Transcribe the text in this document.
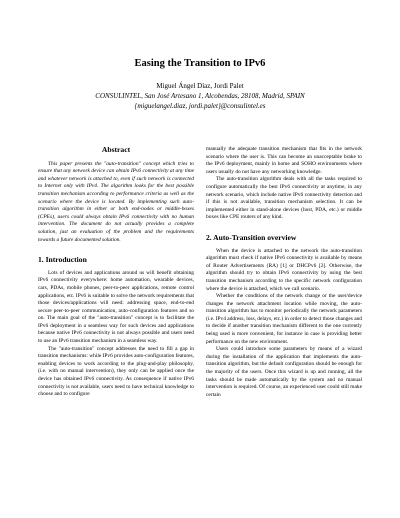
Easing the Transition to IPv6
Miguel Ángel Díaz, Jordi Palet
CONSULINTEL, San José Artesano 1, Alcobendas, 28108, Madrid, SPAIN
{miguelangel.diaz, jordi.palet}@consulintel.es
Abstract

This paper presents the "auto-transition" concept which tries to ensure that any network device can obtain IPv6 connectivity at any time and whatever network is attached to, even if such network is connected to Internet only with IPv4. The algorithm looks for the best possible transition mechanism according to performance criteria as well as the scenario where the device is located. By implementing such auto-transition algorithm in either or both end-nodes or middle-boxes (CPEs), users could always obtain IPv6 connectivity with no human intervention. The document do not actually provides a complete solution, just an evaluation of the problem and the requirements towards a future documented solution.

1. Introduction

Lots of devices and applications around us will benefit obtaining IPv6 connectivity everywhere: home automation, wearable devices, cars, PDAs, mobile phones, peer-to-peer applications, remote control applications, etc. IPv6 is suitable to solve the network requirements that those devices/applications will need: addressing space, end-to-end secure peer-to-peer communication, auto-configuration features and so on. The main goal of the "auto-transition" concept is to facilitate the IPv6 deployment in a seamless way for such devices and applications because native IPv6 connectivity is not always possible and users need to use an IPv6 transition mechanism in a seamless way.

The "auto-transition" concept addresses the need to fill a gap in transition mechanisms: while IPv6 provides auto-configuration features, enabling devices to work according to the plug-and-play philosophy, (i.e. with no manual intervention), they only can be applied once the device has obtained IPv6 connectivity. As consequence if native IPv6 connectivity is not available, users need to have technical knowledge to choose and to configure

manually the adequate transition mechanism that fits in the network scenario where the user is. This can become an unacceptable brake to the IPv6 deployment, mainly in home and SOHO environments where users usually do not have any networking knowledge.

The auto-transition algorithm deals with all the tasks required to configure automatically the best IPv6 connectivity at anytime, in any network scenario, which include native IPv6 connectivity detection and if this is not available, transition mechanism selection. It can be implemented either in stand-alone devices (host, PDA, etc.) or middle boxes like CPE routers of any kind.

2. Auto-Transition overview

When the device is attached to the network the auto-transition algorithm must check if native IPv6 connectivity is available by means of Router Advertisements (RA) [1] or DHCPv6 [2]. Otherwise, the algorithm should try to obtain IPv6 connectivity by using the best transition mechanism according to the specific network configuration where the device is attached, which we call scenario.

Whether the conditions of the network change or the user/device changes the network attachment location while moving, the auto-transition algorithm has to monitor periodically the network parameters (i.e. IPv4 address, loss, delays, etc.) in order to detect those changes and to decide if another transition mechanism different to the one currently being used is more convenient, for instance in case is providing better performance on the new environment.

Users could introduce some parameters by means of a wizard during the installation of the application that implements the auto-transition algorithm, but the default configuration should be enough for the majority of the users. Once this wizard is up and running, all the tasks should be made automatically by the system and no manual intervention is required. Of course, an experienced user could still make certain
